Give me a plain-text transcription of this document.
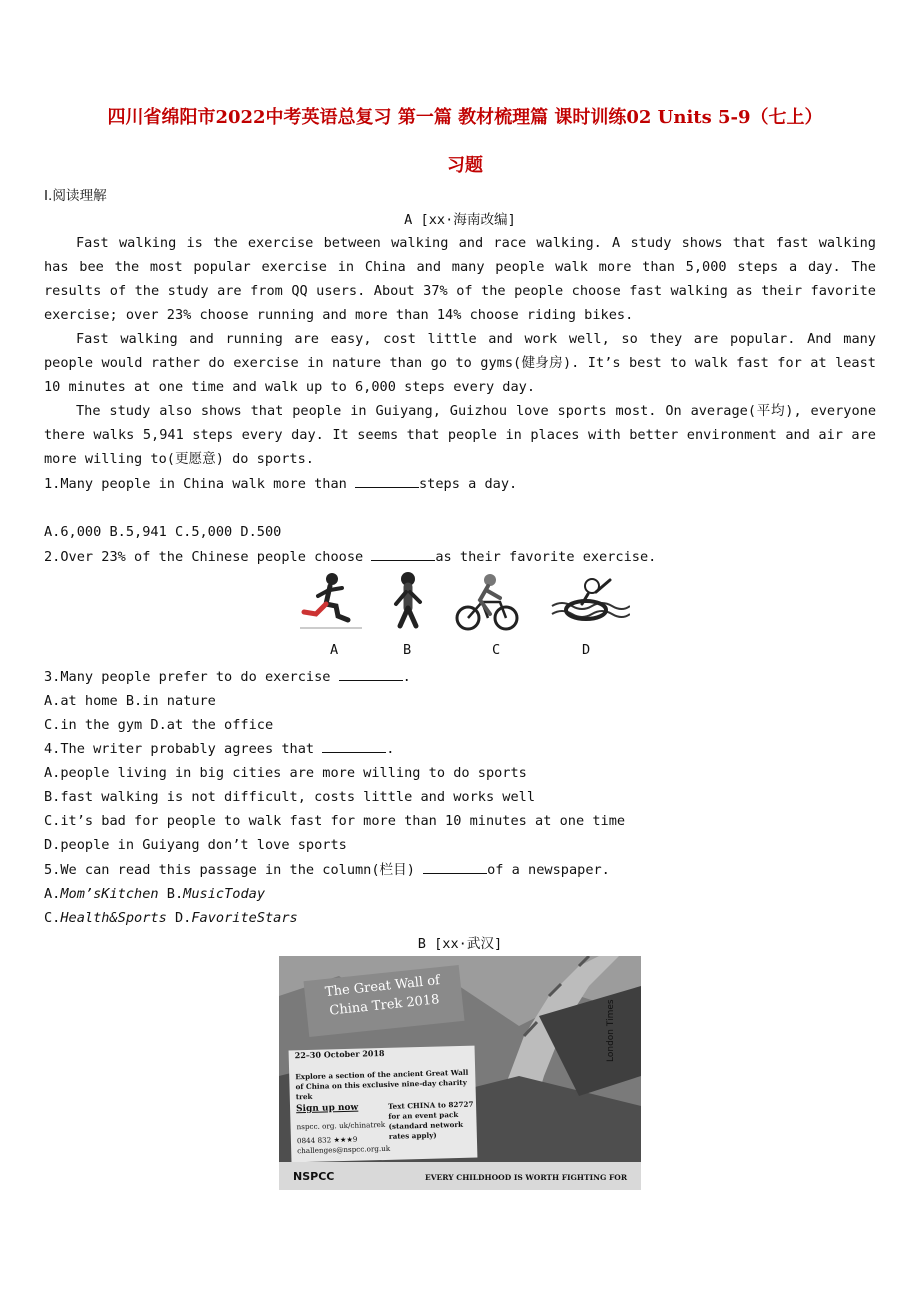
四川省绵阳市2022中考英语总复习 第一篇 教材梳理篇 课时训练02 Units 5-9（七上）
习题
Ⅰ.阅读理解
A [xx·海南改编]
Fast walking is the exercise between walking and race walking. A study shows that fast walking has bee the most popular exercise in China and many people walk more than 5,000 steps a day. The results of the study are from QQ users. About 37% of the people choose fast walking as their favorite exercise; over 23% choose running and more than 14% choose riding bikes.
Fast walking and running are easy, cost little and work well, so they are popular. And many people would rather do exercise in nature than go to gyms(健身房). It’s best to walk fast for at least 10 minutes at one time and walk up to 6,000 steps every day.
The study also shows that people in Guiyang, Guizhou love sports most. On average(平均), everyone there walks 5,941 steps every day. It seems that people in places with better environment and air are more willing to(更愿意) do sports.
1.Many people in China walk more than	steps a day.
A.6,000 B.5,941 C.5,000 D.500
2.Over 23% of the Chinese people choose	as their favorite exercise.
A	B	C	D
3.Many people prefer to do exercise	.
A.at home B.in nature
C.in the gym D.at the office
4.The writer probably agrees that	.
A.people living in big cities are more willing to do sports
B.fast walking is not difficult, costs little and works well
C.it’s bad for people to walk fast for more than 10 minutes at one time
D.people in Guiyang don’t love sports
5.We can read this passage in the column(栏目)	of a newspaper.
A.Mom’sKitchen B.MusicToday
C.Health&Sports D.FavoriteStars
B [xx·武汉]
The Great Wall of China Trek 2018
22–30 October 2018
Explore a section of the ancient Great Wall of China on this exclusive nine-day charity trek
Sign up now	Text CHINA to 82727 for an event pack (standard network rates apply)
nspcc. org. uk/chinatrek
0844 832 ★★★9
challenges@nspcc.org.uk
London Times
NSPCC	EVERY CHILDHOOD IS WORTH FIGHTING FOR
